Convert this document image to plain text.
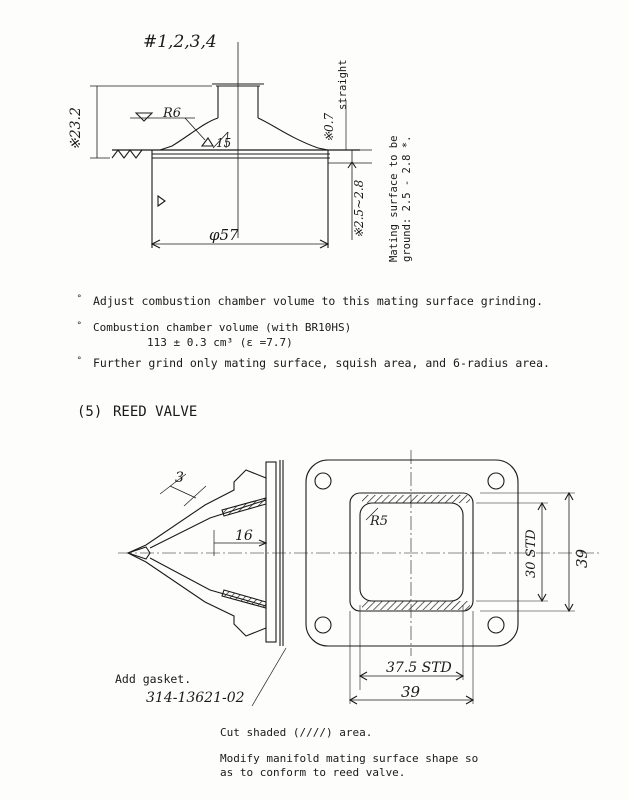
#1,2,3,4
※23.2	R6
15
※0.7
straight
※2.5~2.8
φ57	Mating surface to be ground: 2.5 - 2.8 *.
° Adjust combustion chamber volume to this mating surface grinding.
° Combustion chamber volume (with BR10HS)
113 ± 0.3 cm³ (ε =7.7)
° Further grind only mating surface, squish area, and 6-radius area.
(5) REED VALVE
3
16
R5
30 STD 39
37.5 STD
39
Add gasket.
314-13621-02
Cut shaded (////) area.
Modify manifold mating surface shape so
as to conform to reed valve.
